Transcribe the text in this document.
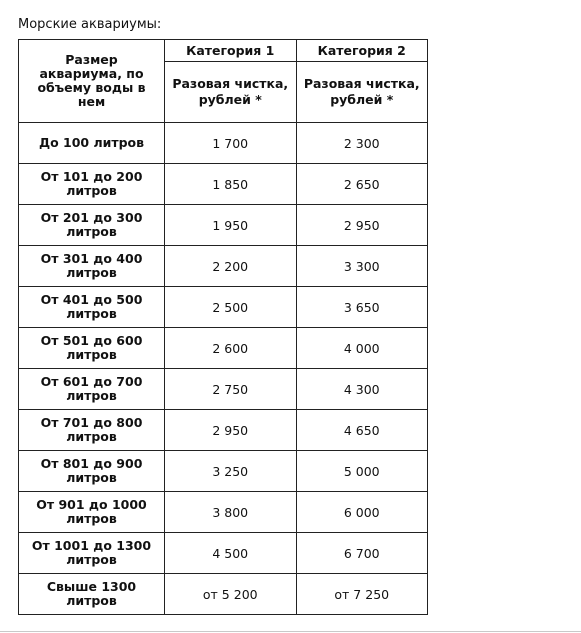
Морские аквариумы:
Размер аквариума, по объему воды в нем	Категория 1	Категория 2
	Разовая чистка, рублей *	Разовая чистка, рублей *
До 100 литров	1 700	2 300
От 101 до 200 литров	1 850	2 650
От 201 до 300 литров	1 950	2 950
От 301 до 400 литров	2 200	3 300
От 401 до 500 литров	2 500	3 650
От 501 до 600 литров	2 600	4 000
От 601 до 700 литров	2 750	4 300
От 701 до 800 литров	2 950	4 650
От 801 до 900 литров	3 250	5 000
От 901 до 1000 литров	3 800	6 000
От 1001 до 1300 литров	4 500	6 700
Свыше 1300 литров	от 5 200	от 7 250
